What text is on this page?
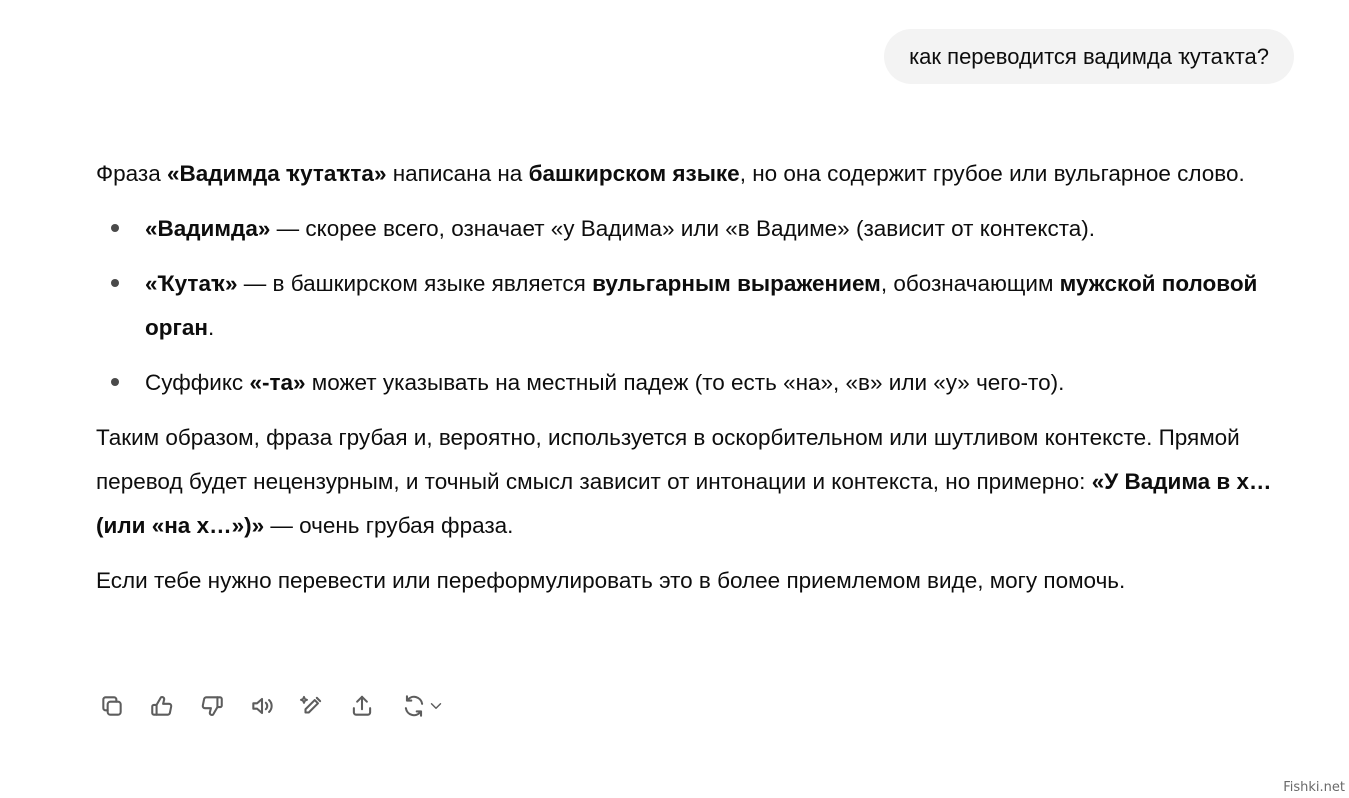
как переводится вадимда ҡутаҡта?

Фраза «Вадимда ҡутаҡта» написана на башкирском языке, но она содержит грубое или вульгарное слово.

«Вадимда» — скорее всего, означает «у Вадима» или «в Вадиме» (зависит от контекста).
«Ҡутаҡ» — в башкирском языке является вульгарным выражением, обозначающим мужской половой орган.
Суффикс «-та» может указывать на местный падеж (то есть «на», «в» или «у» чего-то).

Таким образом, фраза грубая и, вероятно, используется в оскорбительном или шутливом контексте. Прямой перевод будет нецензурным, и точный смысл зависит от интонации и контекста, но примерно: «У Вадима в х… (или «на х…»)» — очень грубая фраза.

Если тебе нужно перевести или переформулировать это в более приемлемом виде, могу помочь.

Fishki.net
